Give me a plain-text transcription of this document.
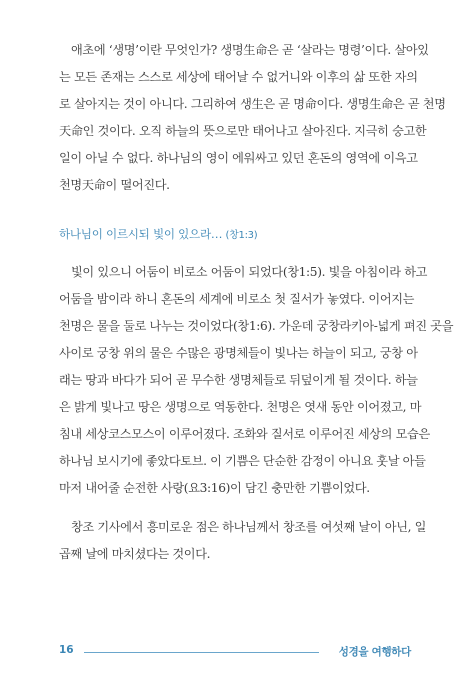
애초에 ‘생명’이란 무엇인가? 생명生命은 곧 ‘살라는 명령’이다. 살아있
는 모든 존재는 스스로 세상에 태어날 수 없거니와 이후의 삶 또한 자의
로 살아지는 것이 아니다. 그리하여 생生은 곧 명命이다. 생명生命은 곧 천명
天命인 것이다. 오직 하늘의 뜻으로만 태어나고 살아진다. 지극히 숭고한
일이 아닐 수 없다. 하나님의 영이 에워싸고 있던 혼돈의 영역에 이윽고
천명天命이 떨어진다.
하나님이 이르시되 빛이 있으라… (창1:3)
빛이 있으니 어둠이 비로소 어둠이 되었다(창1:5). 빛을 아침이라 하고
어둠을 밤이라 하니 혼돈의 세계에 비로소 첫 질서가 놓였다. 이어지는
천명은 물을 둘로 나누는 것이었다(창1:6). 가운데 궁창라키아-넓게 펴진 곳을
사이로 궁창 위의 물은 수많은 광명체들이 빛나는 하늘이 되고, 궁창 아
래는 땅과 바다가 되어 곧 무수한 생명체들로 뒤덮이게 될 것이다. 하늘
은 밝게 빛나고 땅은 생명으로 역동한다. 천명은 엿새 동안 이어졌고, 마
침내 세상코스모스이 이루어졌다. 조화와 질서로 이루어진 세상의 모습은
하나님 보시기에 좋았다토브. 이 기쁨은 단순한 감정이 아니요 훗날 아들
마저 내어줄 순전한 사랑(요3:16)이 담긴 충만한 기쁨이었다.
창조 기사에서 흥미로운 점은 하나님께서 창조를 여섯째 날이 아닌, 일
곱째 날에 마치셨다는 것이다.
16	성경을 여행하다
